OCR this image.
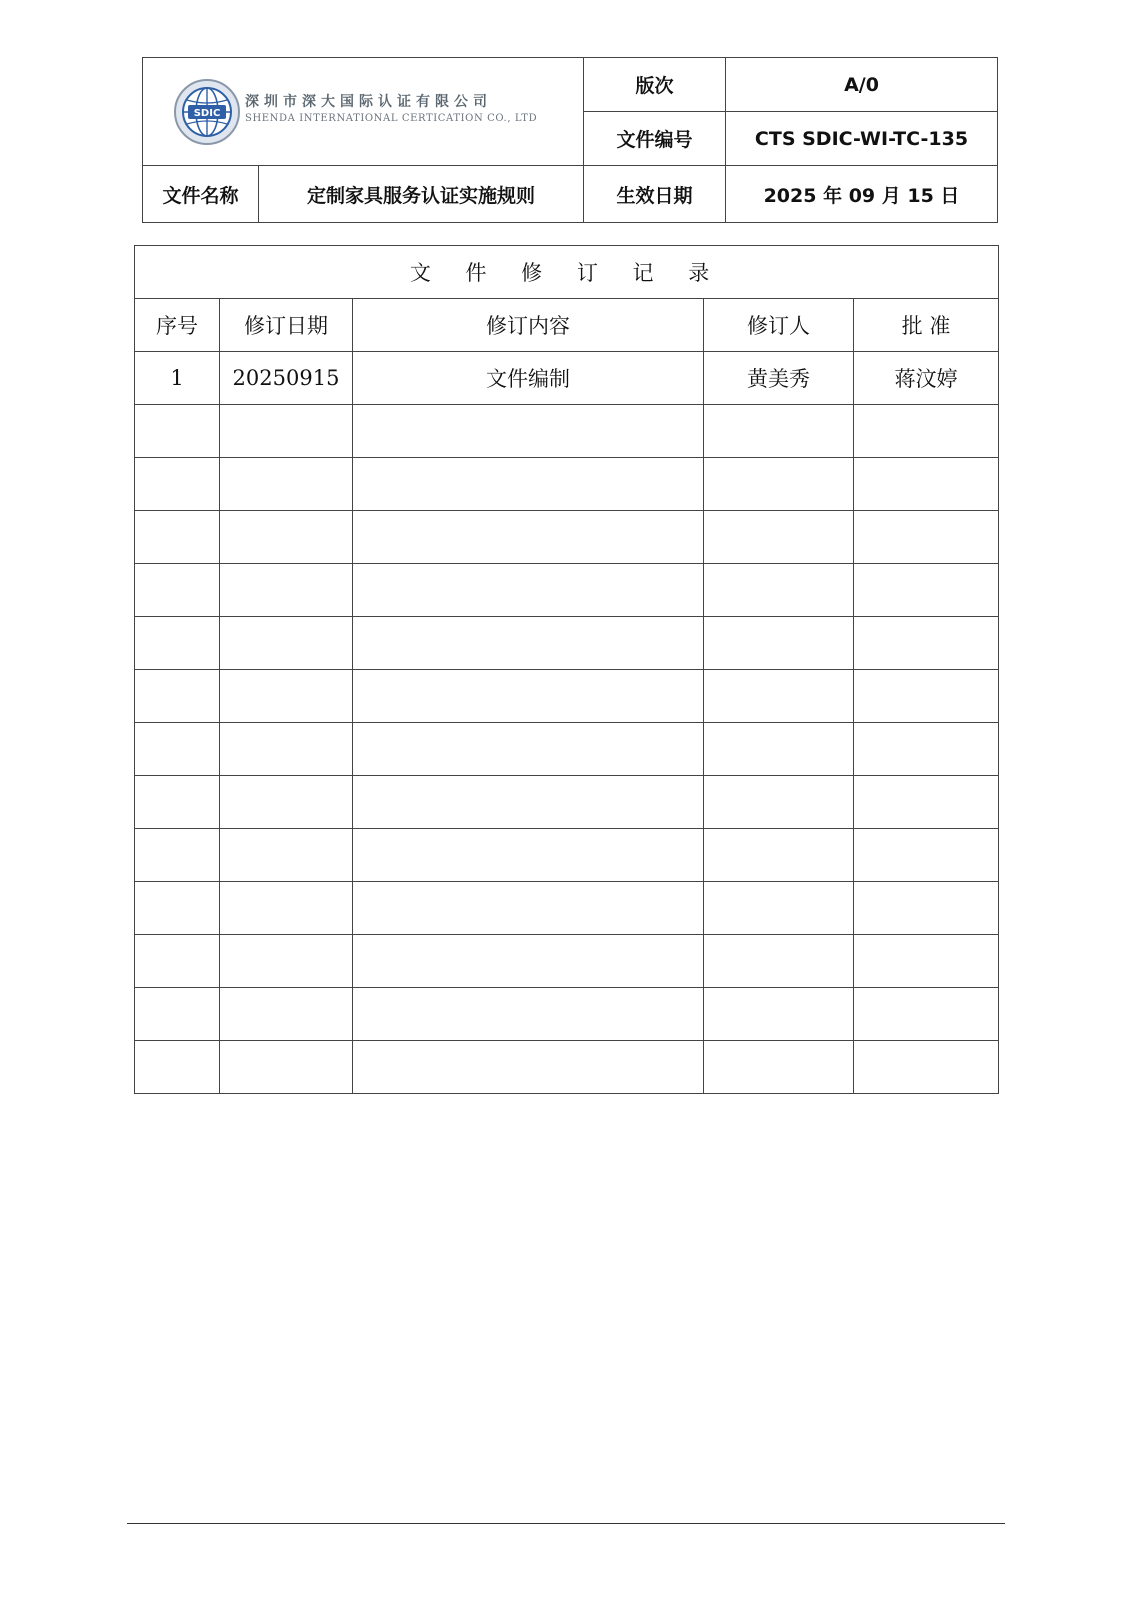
SDIC
深圳市深大国际认证有限公司
SHENDA INTERNATIONAL CERTICATION CO., LTD		版次	A/0
		文件编号	CTS SDIC-WI-TC-135
文件名称	定制家具服务认证实施规则	生效日期	2025 年 09 月 15 日
文 件 修 订 记 录				
序号	修订日期	修订内容	修订人	批 准
1	20250915	文件编制	黄美秀	蒋汶婷
